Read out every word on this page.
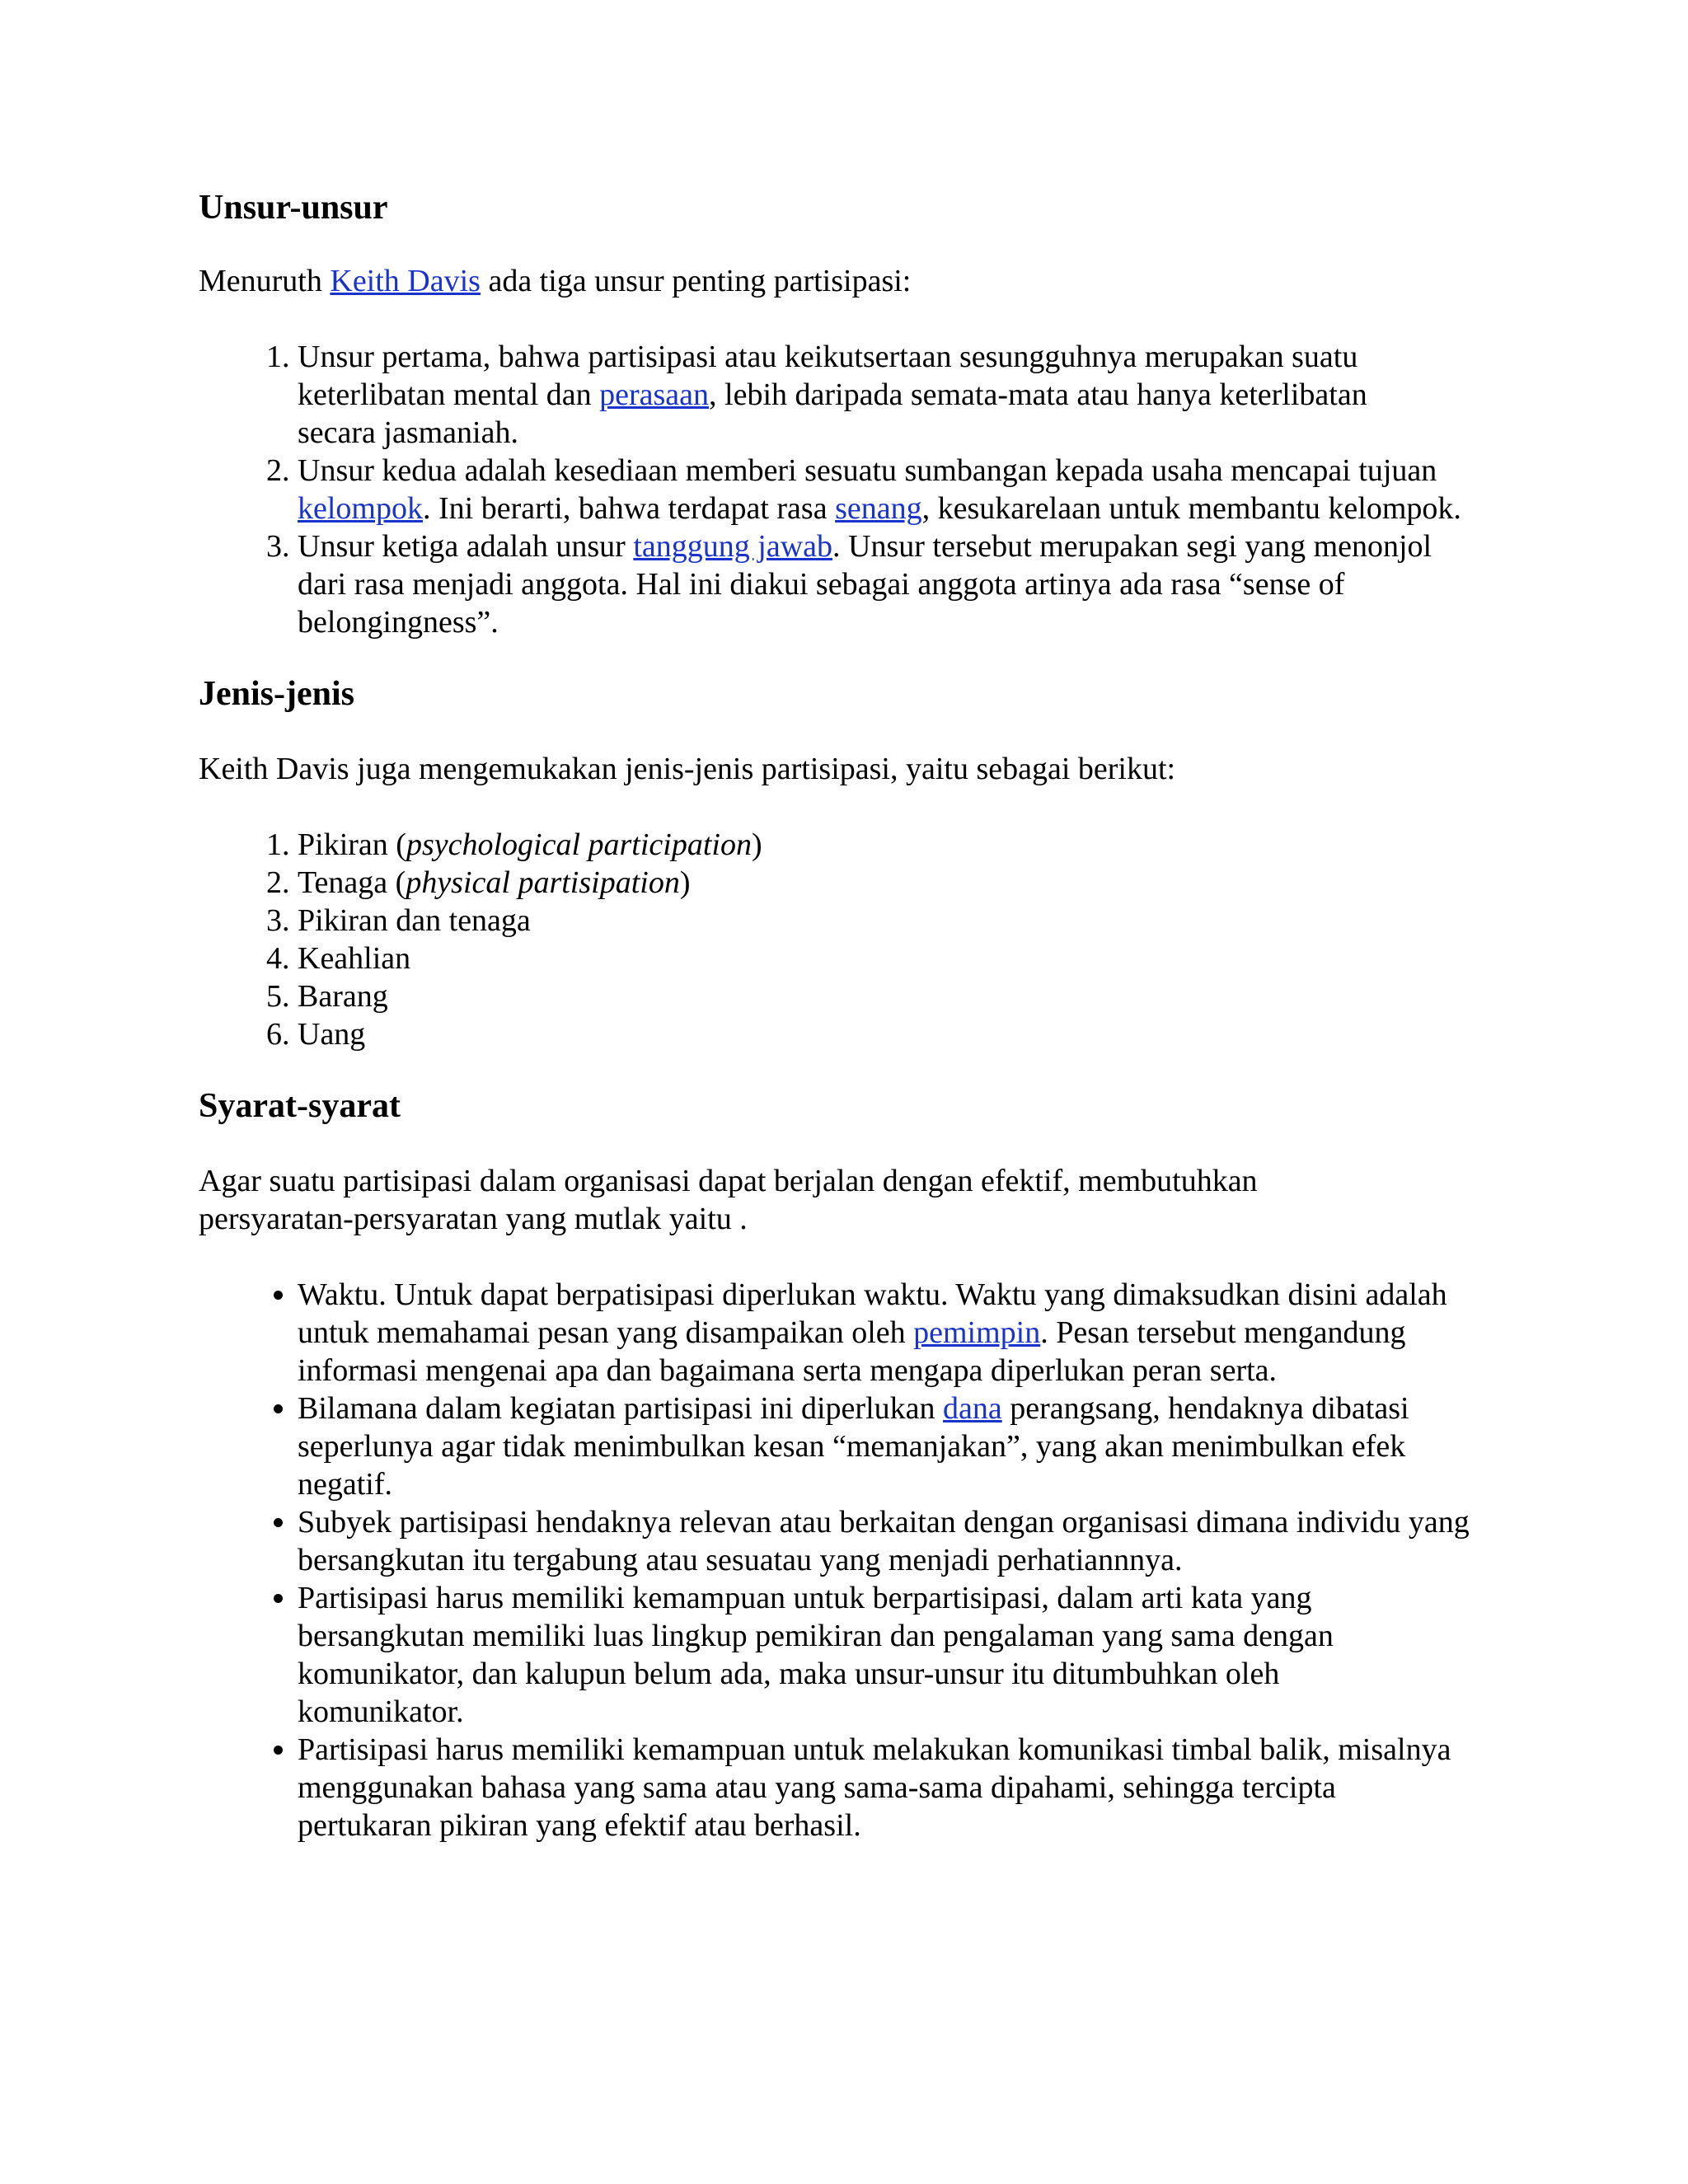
Unsur-unsur

Menuruth Keith Davis ada tiga unsur penting partisipasi:

1. Unsur pertama, bahwa partisipasi atau keikutsertaan sesungguhnya merupakan suatu keterlibatan mental dan perasaan, lebih daripada semata-mata atau hanya keterlibatan secara jasmaniah.
2. Unsur kedua adalah kesediaan memberi sesuatu sumbangan kepada usaha mencapai tujuan kelompok. Ini berarti, bahwa terdapat rasa senang, kesukarelaan untuk membantu kelompok.
3. Unsur ketiga adalah unsur tanggung jawab. Unsur tersebut merupakan segi yang menonjol dari rasa menjadi anggota. Hal ini diakui sebagai anggota artinya ada rasa “sense of belongingness”.
Jenis-jenis

Keith Davis juga mengemukakan jenis-jenis partisipasi, yaitu sebagai berikut:

1. Pikiran (psychological participation)
2. Tenaga (physical partisipation)
3. Pikiran dan tenaga
4. Keahlian
5. Barang
6. Uang
Syarat-syarat

Agar suatu partisipasi dalam organisasi dapat berjalan dengan efektif, membutuhkan persyaratan-persyaratan yang mutlak yaitu .

• Waktu. Untuk dapat berpatisipasi diperlukan waktu. Waktu yang dimaksudkan disini adalah untuk memahamai pesan yang disampaikan oleh pemimpin. Pesan tersebut mengandung informasi mengenai apa dan bagaimana serta mengapa diperlukan peran serta.
• Bilamana dalam kegiatan partisipasi ini diperlukan dana perangsang, hendaknya dibatasi seperlunya agar tidak menimbulkan kesan “memanjakan”, yang akan menimbulkan efek negatif.
• Subyek partisipasi hendaknya relevan atau berkaitan dengan organisasi dimana individu yang bersangkutan itu tergabung atau sesuatau yang menjadi perhatiannnya.
• Partisipasi harus memiliki kemampuan untuk berpartisipasi, dalam arti kata yang bersangkutan memiliki luas lingkup pemikiran dan pengalaman yang sama dengan komunikator, dan kalupun belum ada, maka unsur-unsur itu ditumbuhkan oleh komunikator.
• Partisipasi harus memiliki kemampuan untuk melakukan komunikasi timbal balik, misalnya menggunakan bahasa yang sama atau yang sama-sama dipahami, sehingga tercipta pertukaran pikiran yang efektif atau berhasil.
